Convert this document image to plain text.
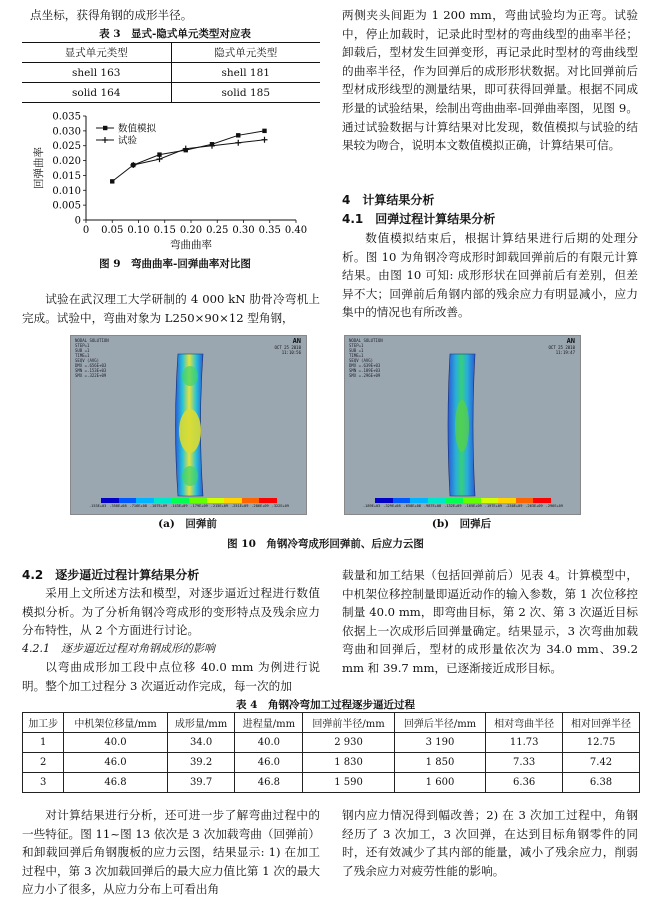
点坐标，获得角钢的成形半径。

表 3　显式-隐式单元类型对应表
显式单元类型	隐式单元类型
shell 163	shell 181
solid 164	solid 185
0 0.05 0.10 0.15 0.20 0.25 0.30 0.35 0.40
0
0.005
0.010
0.015
0.020
0.025
0.030
0.035
弯曲曲率
回弹曲率
数值模拟
试验
图 9　弯曲曲率-回弹曲率对比图

试验在武汉理工大学研制的 4 000 kN 肋骨冷弯机上完成。试验中，弯曲对象为 L250×90×12 型角钢，

两侧夹头间距为 1 200 mm，弯曲试验均为正弯。试验中，停止加载时，记录此时型材的弯曲线型的曲率半径；卸载后，型材发生回弹变形，再记录此时型材的弯曲线型的曲率半径，作为回弹后的成形形状数据。对比回弹前后型材成形线型的测量结果，即可获得回弹量。根据不同成形量的试验结果，绘制出弯曲曲率-回弹曲率图，见图 9。通过试验数据与计算结果对比发现，数值模拟与试验的结果较为吻合，说明本文数值模拟正确，计算结果可信。

4　计算结果分析
4.1　回弹过程计算结果分析

数值模拟结束后，根据计算结果进行后期的处理分析。图 10 为角钢冷弯成形时卸载回弹前后的有限元计算结果。由图 10 可知: 成形形状在回弹前后有差别，但差异不大；回弹前后角钢内部的残余应力有明显减小，应力集中的情况也有所改善。

NODAL SOLUTION
STEP=1
SUB =1
TIME=1
SEQV (AVG)
DMX =.656E+03
SMN =.153E+03
SMX =.322E+09
AN
OCT 25 2010
11:10:56
.153E+03 .358E+08 .716E+08 .107E+09 .143E+09 .179E+09 .215E+09 .251E+09 .286E+09 .322E+09
NODAL SOLUTION
STEP=1
SUB =1
TIME=1
SEQV (AVG)
DMX =.639E+03
SMN =.189E+03
SMX =.296E+09
AN
OCT 25 2010
11:19:47
.189E+03 .329E+08 .658E+08 .987E+08 .132E+09 .165E+09 .197E+09 .230E+09 .263E+09 .296E+09
(a)　回弹前	(b)　回弹后
图 10　角钢冷弯成形回弹前、后应力云图
4.2　逐步逼近过程计算结果分析

采用上文所述方法和模型，对逐步逼近过程进行数值模拟分析。为了分析角钢冷弯成形的变形特点及残余应力分布特性，从 2 个方面进行讨论。

4.2.1　逐步逼近过程对角钢成形的影响

以弯曲成形加工段中点位移 40.0 mm 为例进行说明。整个加工过程分 3 次逼近动作完成，每一次的加

载量和加工结果（包括回弹前后）见表 4。计算模型中，中机架位移控制量即逼近动作的输入参数，第 1 次位移控制量 40.0 mm，即弯曲目标，第 2 次、第 3 次逼近目标依据上一次成形后回弹量确定。结果显示，3 次弯曲加载弯曲和回弹后，型材的成形量依次为 34.0 mm、39.2 mm 和 39.7 mm，已逐渐接近成形目标。

表 4　角钢冷弯加工过程逐步逼近过程
加工步	中机架位移量/mm	成形量/mm	进程量/mm	回弹前半径/mm	回弹后半径/mm	相对弯曲半径	相对回弹半径
1	40.0	34.0	40.0	2 930	3 190	11.73	12.75
2	46.0	39.2	46.0	1 830	1 850	7.33	7.42
3	46.8	39.7	46.8	1 590	1 600	6.36	6.38

对计算结果进行分析，还可进一步了解弯曲过程中的一些特征。图 11~图 13 依次是 3 次加载弯曲（回弹前）和卸载回弹后角钢腹板的应力云图，结果显示: 1) 在加工过程中，第 3 次加载回弹后的最大应力值比第 1 次的最大应力小了很多，从应力分布上可看出角

钢内应力情况得到幅改善；2) 在 3 次加工过程中，角钢经历了 3 次加工，3 次回弹，在达到目标角钢零件的同时，还有效减少了其内部的能量，减小了残余应力，削弱了残余应力对疲劳性能的影响。
